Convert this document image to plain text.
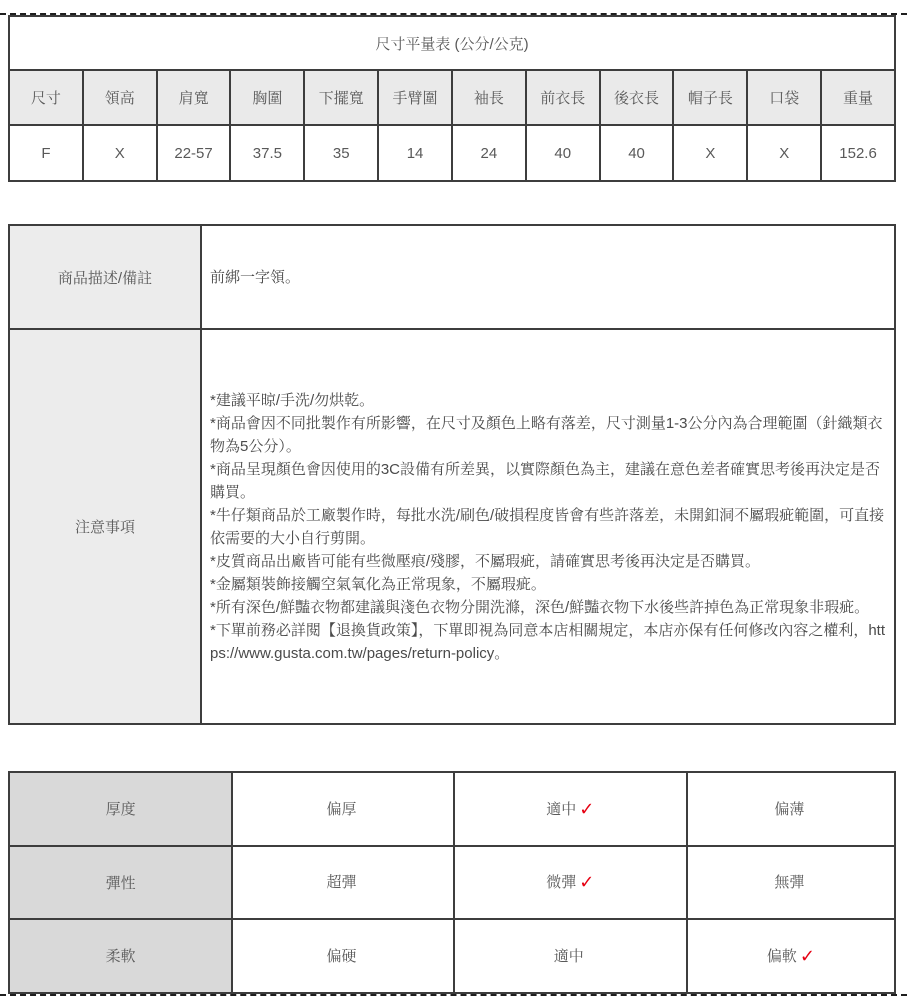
尺寸平量表 (公分/公克)											
尺寸	領高	肩寬	胸圍	下擺寬	手臂圍	袖長	前衣長	後衣長	帽子長	口袋	重量
F	X	22-57	37.5	35	14	24	40	40	X	X	152.6
商品描述/備註	前綁一字領。

注意事項	
*建議平晾/手洗/勿烘乾。
*商品會因不同批製作有所影響，在尺寸及顏色上略有落差，尺寸測量1-3公分內為合理範圍（針織類衣物為5公分）。
*商品呈現顏色會因使用的3C設備有所差異，以實際顏色為主，建議在意色差者確實思考後再決定是否購買。
*牛仔類商品於工廠製作時，每批水洗/刷色/破損程度皆會有些許落差，未開釦洞不屬瑕疵範圍，可直接依需要的大小自行剪開。
*皮質商品出廠皆可能有些微壓痕/殘膠，不屬瑕疵，請確實思考後再決定是否購買。
*金屬類裝飾接觸空氣氧化為正常現象，不屬瑕疵。
*所有深色/鮮豔衣物都建議與淺色衣物分開洗滌，深色/鮮豔衣物下水後些許掉色為正常現象非瑕疵。
*下單前務必詳閱【退換貨政策】，下單即視為同意本店相關規定，本店亦保有任何修改內容之權利，https://www.gusta.com.tw/pages/return-policy。
厚度	偏厚	適中 ✓	偏薄
彈性	超彈	微彈 ✓	無彈
柔軟	偏硬	適中	偏軟 ✓
